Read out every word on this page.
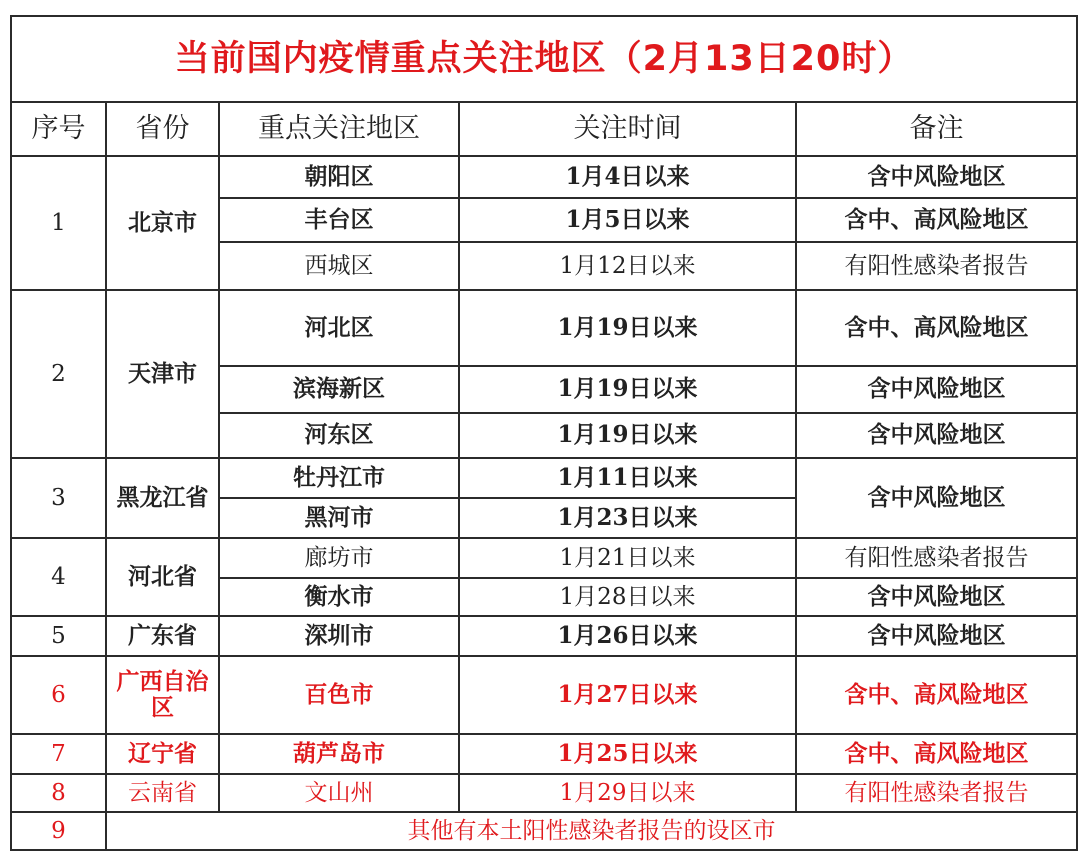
当前国内疫情重点关注地区（2月13日20时）				
序号	省份	重点关注地区	关注时间	备注
1	北京市	朝阳区	1月4日以来	含中风险地区
		丰台区	1月5日以来	含中、高风险地区
		西城区	1月12日以来	有阳性感染者报告
2	天津市	河北区	1月19日以来	含中、高风险地区
		滨海新区	1月19日以来	含中风险地区
		河东区	1月19日以来	含中风险地区
3	黑龙江省	牡丹江市	1月11日以来	含中风险地区
		黑河市	1月23日以来	
4	河北省	廊坊市	1月21日以来	有阳性感染者报告
		衡水市	1月28日以来	含中风险地区
5	广东省	深圳市	1月26日以来	含中风险地区
6	广西自治区	百色市	1月27日以来	含中、高风险地区
7	辽宁省	葫芦岛市	1月25日以来	含中、高风险地区
8	云南省	文山州	1月29日以来	有阳性感染者报告
9	其他有本土阳性感染者报告的设区市			
